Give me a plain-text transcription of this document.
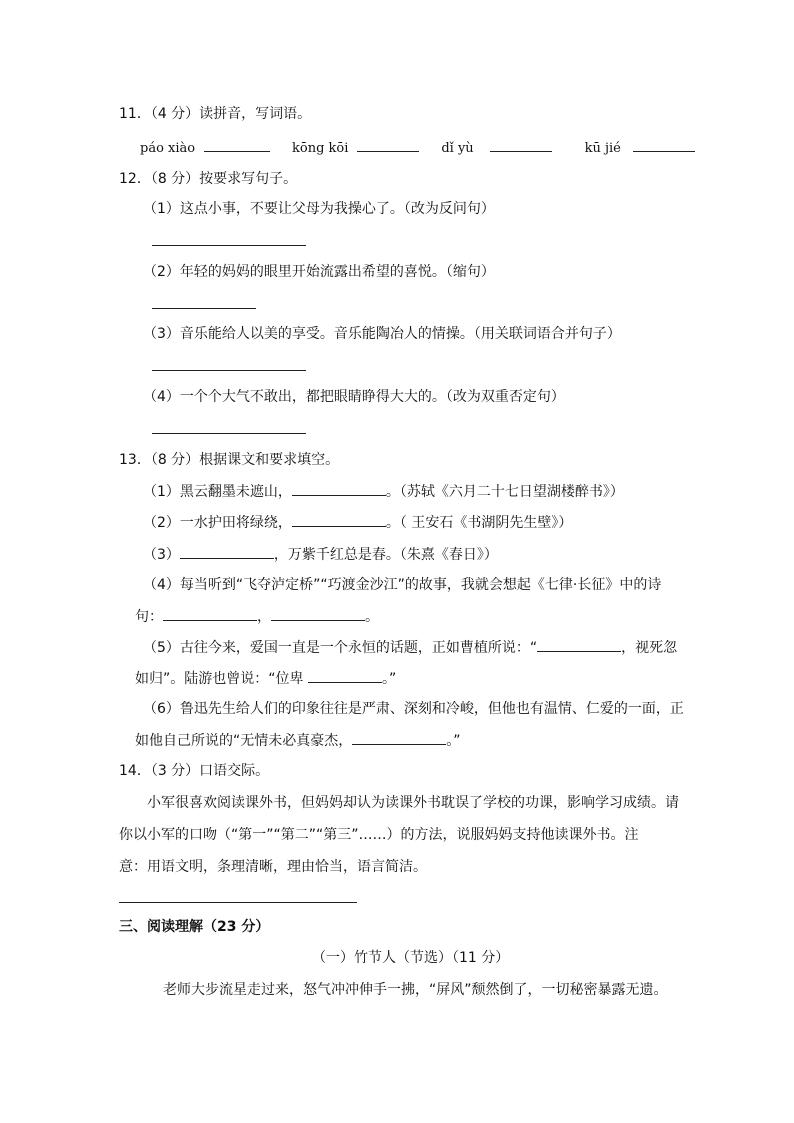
11．（4 分）读拼音，写词语。
páo xiào	kōng kōi	dǐ yù	kū jié
12．（8 分）按要求写句子。
（1）这点小事，不要让父母为我操心了。（改为反问句）
（2）年轻的妈妈的眼里开始流露出希望的喜悦。（缩句）
（3）音乐能给人以美的享受。音乐能陶冶人的情操。（用关联词语合并句子）
（4）一个个大气不敢出，都把眼睛睁得大大的。（改为双重否定句）
13．（8 分）根据课文和要求填空。
（1）黑云翻墨未遮山，	。（苏轼《六月二十七日望湖楼醉书》）
（2）一水护田将绿绕，	。（ 王安石《书湖阴先生壁》）
（3）	，万紫千红总是春。（朱熹《春日》）
（4）每当听到“飞夺泸定桥”“巧渡金沙江”的故事，我就会想起《七律·长征》中的诗
句：	，	。
（5）古往今来，爱国一直是一个永恒的话题，正如曹植所说：“	，视死忽
如归”。陆游也曾说：“位卑	。”
（6）鲁迅先生给人们的印象往往是严肃、深刻和冷峻，但他也有温情、仁爱的一面，正
如他自己所说的“无情未必真豪杰，	。”
14．（3 分）口语交际。
小军很喜欢阅读课外书，但妈妈却认为读课外书耽误了学校的功课，影响学习成绩。请
你以小军的口吻（“第一”“第二”“第三”……）的方法，说服妈妈支持他读课外书。注
意：用语文明，条理清晰，理由恰当，语言简洁。
三、阅读理解（23 分）
（一）竹节人（节选）（11 分）
老师大步流星走过来，怒气冲冲伸手一拂，“屏风”颓然倒了，一切秘密暴露无遗。
